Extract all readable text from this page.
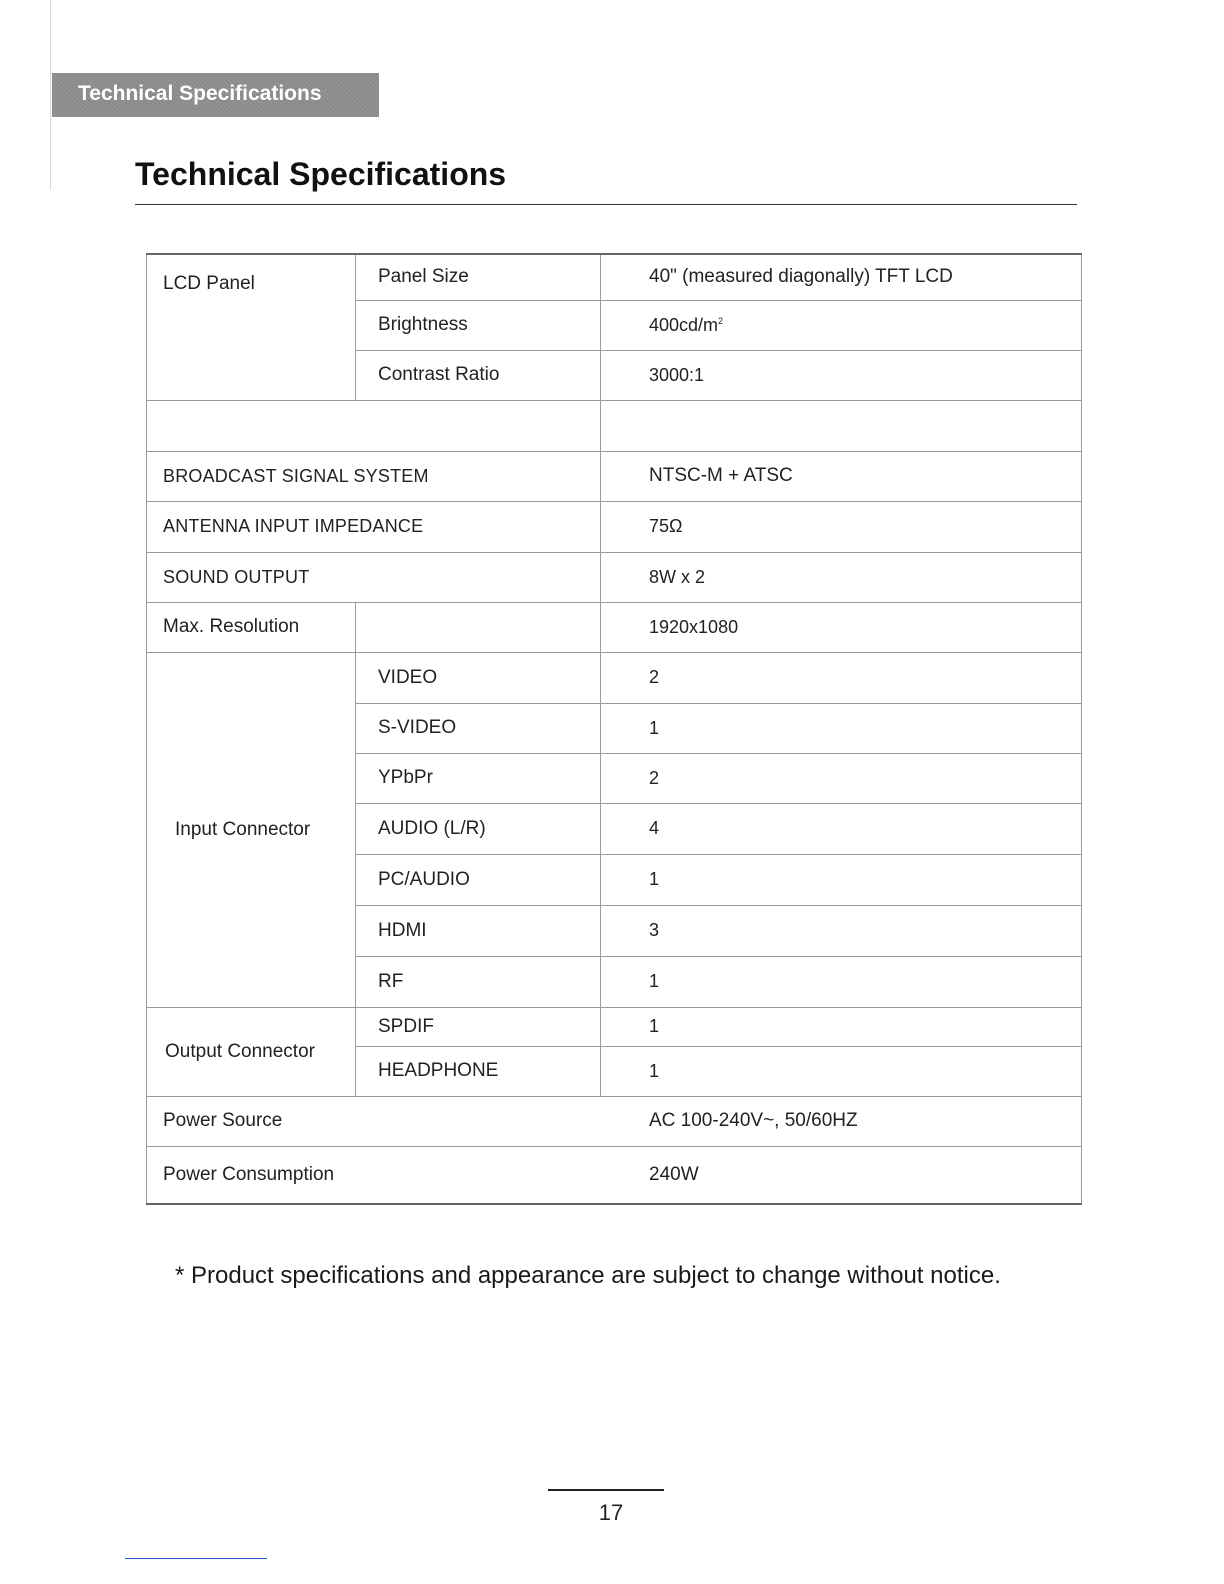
Technical Specifications
Technical Specifications
LCD Panel	Panel Size	40" (measured diagonally) TFT LCD
	Brightness	$400cd/m^2$
	Contrast Ratio	3000:1

BROADCAST SIGNAL SYSTEM		NTSC-M + ATSC
ANTENNA INPUT IMPEDANCE		75Ω
SOUND OUTPUT		8W x 2
Max. Resolution		1920x1080
Input Connector	VIDEO	2
	S-VIDEO	1
	YPbPr	2
	AUDIO (L/R)	4
	PC/AUDIO	1
	HDMI	3
	RF	1
Output Connector	SPDIF	1
	HEADPHONE	1
Power Source		AC 100-240V~, 50/60HZ
Power Consumption		240W

* Product specifications and appearance are subject to change without notice.

17
